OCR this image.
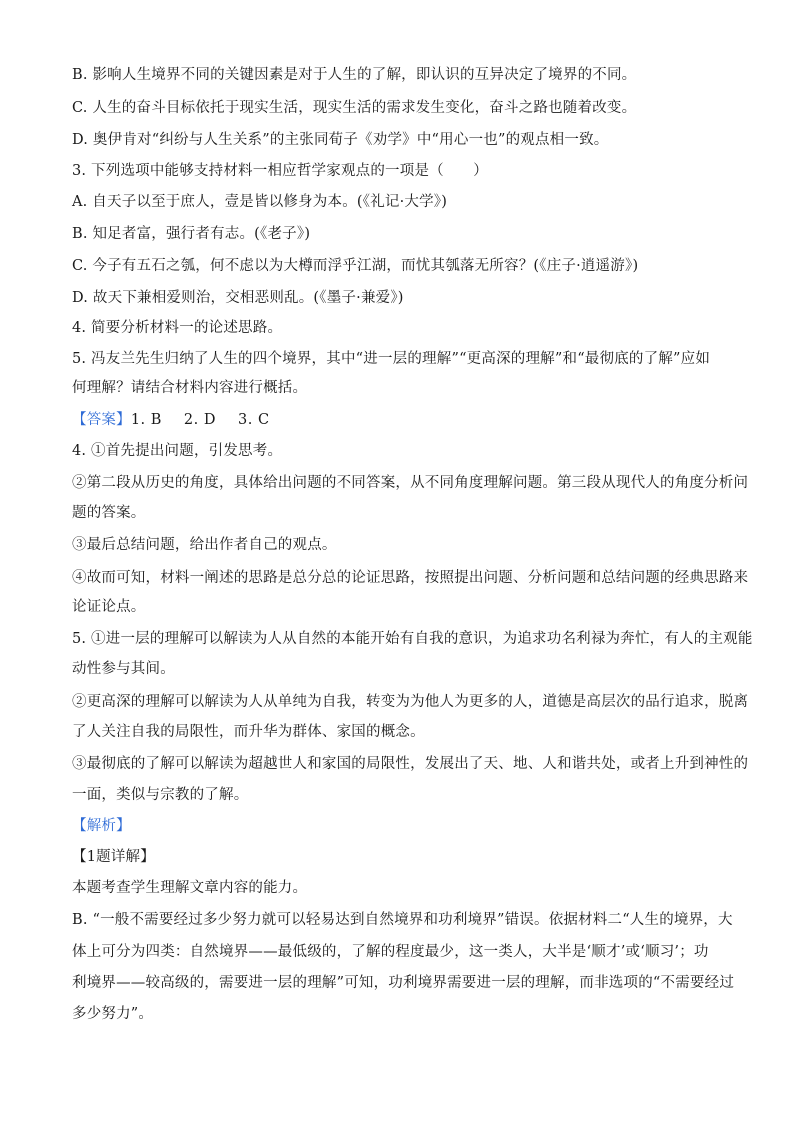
B. 影响人生境界不同的关键因素是对于人生的了解，即认识的互异决定了境界的不同。
C. 人生的奋斗目标依托于现实生活，现实生活的需求发生变化，奋斗之路也随着改变。
D. 奥伊肯对“纠纷与人生关系”的主张同荀子《劝学》中“用心一也”的观点相一致。
3. 下列选项中能够支持材料一相应哲学家观点的一项是（　　）
A. 自天子以至于庶人，壹是皆以修身为本。(《礼记·大学》)
B. 知足者富，强行者有志。(《老子》)
C. 今子有五石之瓠，何不虑以为大樽而浮乎江湖，而忧其瓠落无所容？(《庄子·逍遥游》)
D. 故天下兼相爱则治，交相恶则乱。(《墨子·兼爱》)
4. 简要分析材料一的论述思路。
5. 冯友兰先生归纳了人生的四个境界，其中“进一层的理解”“更高深的理解”和“最彻底的了解”应如
何理解？请结合材料内容进行概括。
【答案】1. B 2. D 3. C
4. ①首先提出问题，引发思考。
②第二段从历史的角度，具体给出问题的不同答案，从不同角度理解问题。第三段从现代人的角度分析问
题的答案。
③最后总结问题，给出作者自己的观点。
④故而可知，材料一阐述的思路是总分总的论证思路，按照提出问题、分析问题和总结问题的经典思路来
论证论点。
5. ①进一层的理解可以解读为人从自然的本能开始有自我的意识，为追求功名利禄为奔忙，有人的主观能
动性参与其间。
②更高深的理解可以解读为人从单纯为自我，转变为为他人为更多的人，道德是高层次的品行追求，脱离
了人关注自我的局限性，而升华为群体、家国的概念。
③最彻底的了解可以解读为超越世人和家国的局限性，发展出了天、地、人和谐共处，或者上升到神性的
一面，类似与宗教的了解。
【解析】
【1题详解】
本题考查学生理解文章内容的能力。
B. “一般不需要经过多少努力就可以轻易达到自然境界和功利境界”错误。依据材料二“人生的境界，大
体上可分为四类：自然境界——最低级的，了解的程度最少，这一类人，大半是‘顺才’或‘顺习’；功
利境界——较高级的，需要进一层的理解”可知，功利境界需要进一层的理解，而非选项的“不需要经过
多少努力”。
